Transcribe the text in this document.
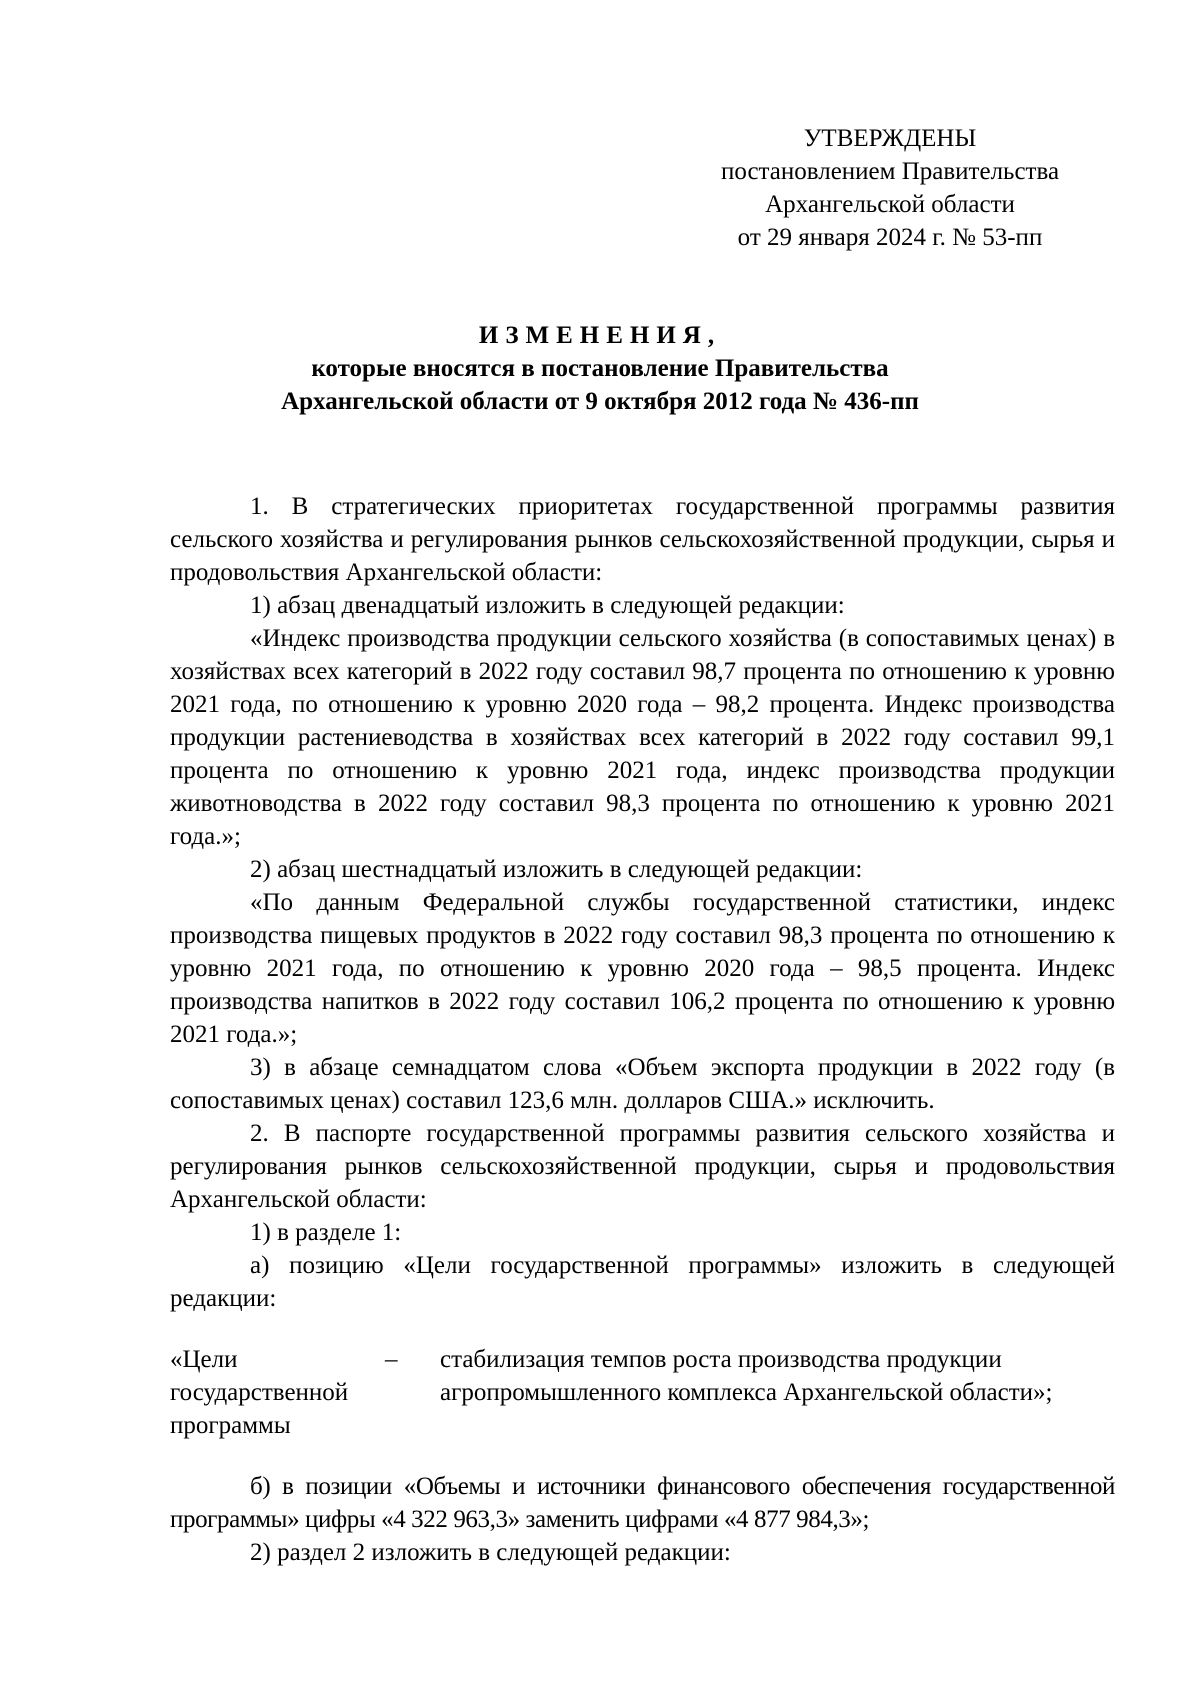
УТВЕРЖДЕНЫ
постановлением Правительства
Архангельской области
от 29 января 2024 г. № 53-пп
ИЗМЕНЕНИЯ,
которые вносятся в постановление Правительства
Архангельской области от 9 октября 2012 года № 436-пп

1. В стратегических приоритетах государственной программы развития сельского хозяйства и регулирования рынков сельскохозяйственной продукции, сырья и продовольствия Архангельской области:

1) абзац двенадцатый изложить в следующей редакции:

«Индекс производства продукции сельского хозяйства (в сопоставимых ценах) в хозяйствах всех категорий в 2022 году составил 98,7 процента по отношению к уровню 2021 года, по отношению к уровню 2020 года – 98,2 процента. Индекс производства продукции растениеводства в хозяйствах всех категорий в 2022 году составил 99,1 процента по отношению к уровню 2021 года, индекс производства продукции животноводства в 2022 году составил 98,3 процента по отношению к уровню 2021 года.»;

2) абзац шестнадцатый изложить в следующей редакции:

«По данным Федеральной службы государственной статистики, индекс производства пищевых продуктов в 2022 году составил 98,3 процента по отношению к уровню 2021 года, по отношению к уровню 2020 года – 98,5 процента. Индекс производства напитков в 2022 году составил 106,2 процента по отношению к уровню 2021 года.»;

3) в абзаце семнадцатом слова «Объем экспорта продукции в 2022 году (в сопоставимых ценах) составил 123,6 млн. долларов США.» исключить.

2. В паспорте государственной программы развития сельского хозяйства и регулирования рынков сельскохозяйственной продукции, сырья и продовольствия Архангельской области:

1) в разделе 1:

а) позицию «Цели государственной программы» изложить в следующей редакции:

«Цели государственной программы
–	стабилизация темпов роста производства продукции агропромышленного комплекса Архангельской области»;

б) в позиции «Объемы и источники финансового обеспечения государственной программы» цифры «4 322 963,3» заменить цифрами «4 877 984,3»;

2) раздел 2 изложить в следующей редакции:
